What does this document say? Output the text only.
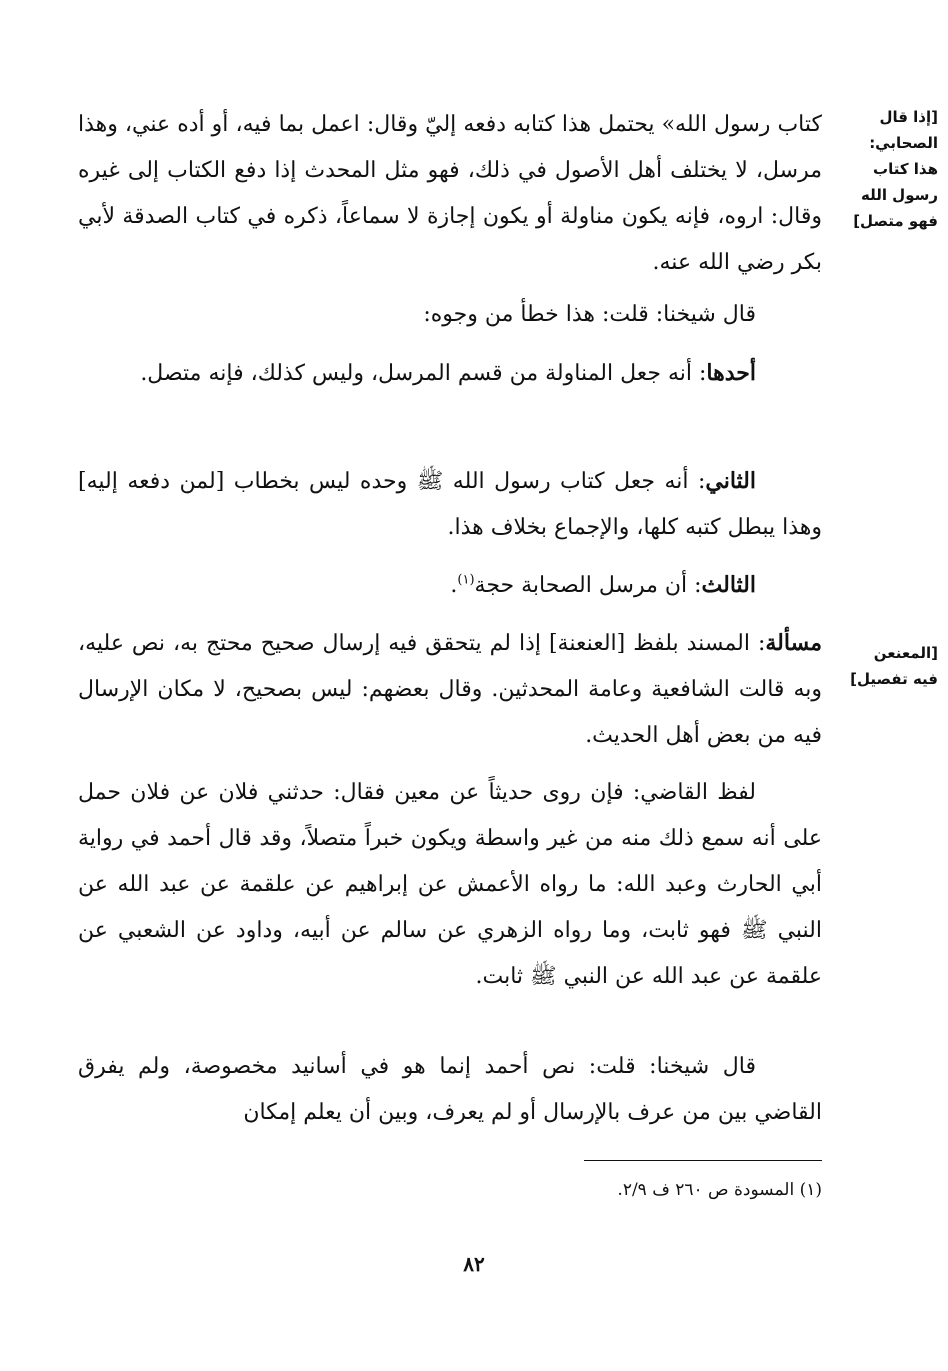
[إذا قال الصحابي: هذا كتاب رسول الله فهو متصل]
[المعنعن فيه تفصيل]

كتاب رسول الله» يحتمل هذا كتابه دفعه إليّ وقال: اعمل بما فيه، أو أده عني، وهذا مرسل، لا يختلف أهل الأصول في ذلك، فهو مثل المحدث إذا دفع الكتاب إلى غيره وقال: اروه، فإنه يكون مناولة أو يكون إجازة لا سماعاً، ذكره في كتاب الصدقة لأبي بكر رضي الله عنه.

قال شيخنا: قلت: هذا خطأ من وجوه:

أحدها: أنه جعل المناولة من قسم المرسل، وليس كذلك، فإنه متصل.

الثاني: أنه جعل كتاب رسول الله ﷺ وحده ليس بخطاب [لمن دفعه إليه] وهذا يبطل كتبه كلها، والإجماع بخلاف هذا.

الثالث: أن مرسل الصحابة حجة$^{(١)}$.

مسألة: المسند بلفظ [العنعنة] إذا لم يتحقق فيه إرسال صحيح محتج به، نص عليه، وبه قالت الشافعية وعامة المحدثين. وقال بعضهم: ليس بصحيح، لا مكان الإرسال فيه من بعض أهل الحديث.

لفظ القاضي: فإن روى حديثاً عن معين فقال: حدثني فلان عن فلان حمل على أنه سمع ذلك منه من غير واسطة ويكون خبراً متصلاً، وقد قال أحمد في رواية أبي الحارث وعبد الله: ما رواه الأعمش عن إبراهيم عن علقمة عن عبد الله عن النبي ﷺ فهو ثابت، وما رواه الزهري عن سالم عن أبيه، وداود عن الشعبي عن علقمة عن عبد الله عن النبي ﷺ ثابت.

قال شيخنا: قلت: نص أحمد إنما هو في أسانيد مخصوصة، ولم يفرق القاضي بين من عرف بالإرسال أو لم يعرف، وبين أن يعلم إمكان

(١) المسودة ص ٢٦٠ ف ٢/٩.
٨٢
